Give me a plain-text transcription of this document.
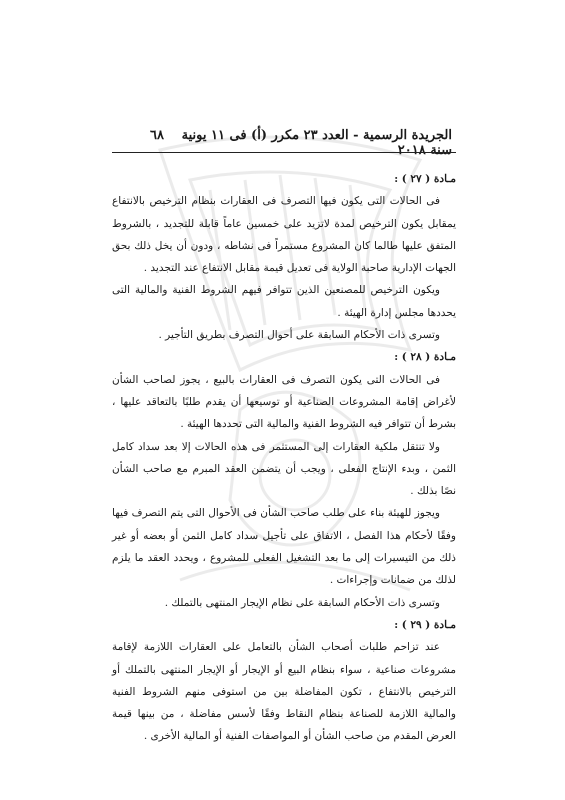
الجريدة الرسمية - العدد ٢٣ مكرر (أ) فى ١١ يونية سنة ٢٠١٨
٦٨
مـادة ( ٢٧ ) :

فى الحالات التى يكون فيها التصرف فى العقارات بنظام الترخيص بالانتفاع يمقابل يكون الترخيص لمدة لاتزيد على خمسين عاماً قابلة للتجديد ، بالشروط المتفق عليها طالما كان المشروع مستمراً فى نشاطه ، ودون أن يخل ذلك بحق الجهات الإدارية صاحبة الولاية فى تعديل قيمة مقابل الانتفاع عند التجديد .

ويكون الترخيص للمصنعين الذين تتوافر فيهم الشروط الفنية والمالية التى يحددها مجلس إدارة الهيئة .

وتسرى ذات الأحكام السابقة على أحوال التصرف بطريق التأجير .

مـادة ( ٢٨ ) :

فى الحالات التى يكون التصرف فى العقارات بالبيع ، يجوز لصاحب الشأن لأغراض إقامة المشروعات الصناعية أو توسيعها أن يقدم طلبًا بالتعاقد عليها ، بشرط أن تتوافر فيه الشروط الفنية والمالية التى تحددها الهيئة .

ولا تنتقل ملكية العقارات إلى المستثمر فى هذه الحالات إلا بعد سداد كامل الثمن ، وبدء الإنتاج الفعلى ، ويجب أن يتضمن العقد المبرم مع صاحب الشأن نصًا بذلك .

ويجوز للهيئة بناء على طلب صاحب الشأن فى الأحوال التى يتم التصرف فيها وفقًا لأحكام هذا الفصل ، الاتفاق على تأجيل سداد كامل الثمن أو بعضه أو غير ذلك من التيسيرات إلى ما بعد التشغيل الفعلى للمشروع ، ويحدد العقد ما يلزم لذلك من ضمانات وإجراءات .

وتسرى ذات الأحكام السابقة على نظام الإيجار المنتهى بالتملك .

مـادة ( ٢٩ ) :

عند تزاحم طلبات أصحاب الشأن بالتعامل على العقارات اللازمة لإقامة مشروعات صناعية ، سواء بنظام البيع أو الإيجار أو الإيجار المنتهى بالتملك أو الترخيص بالانتفاع ، تكون المفاضلة بين من استوفى منهم الشروط الفنية والمالية اللازمة للصناعة بنظام النقاط وفقًا لأسس مفاضلة ، من بينها قيمة العرض المقدم من صاحب الشأن أو المواصفات الفنية أو المالية الأخرى .
